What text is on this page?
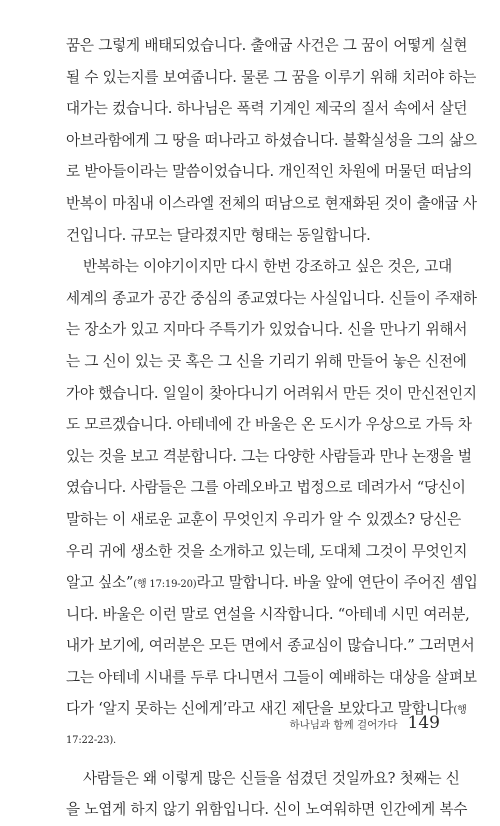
꿈은 그렇게 배태되었습니다. 출애굽 사건은 그 꿈이 어떻게 실현
될 수 있는지를 보여줍니다. 물론 그 꿈을 이루기 위해 치러야 하는
대가는 컸습니다. 하나님은 폭력 기계인 제국의 질서 속에서 살던
아브라함에게 그 땅을 떠나라고 하셨습니다. 불확실성을 그의 삶으
로 받아들이라는 말씀이었습니다. 개인적인 차원에 머물던 떠남의
반복이 마침내 이스라엘 전체의 떠남으로 현재화된 것이 출애굽 사
건입니다. 규모는 달라졌지만 형태는 동일합니다.
반복하는 이야기이지만 다시 한번 강조하고 싶은 것은, 고대
세계의 종교가 공간 중심의 종교였다는 사실입니다. 신들이 주재하
는 장소가 있고 지마다 주특기가 있었습니다. 신을 만나기 위해서
는 그 신이 있는 곳 혹은 그 신을 기리기 위해 만들어 놓은 신전에
가야 했습니다. 일일이 찾아다니기 어려워서 만든 것이 만신전인지
도 모르겠습니다. 아테네에 간 바울은 온 도시가 우상으로 가득 차
있는 것을 보고 격분합니다. 그는 다양한 사람들과 만나 논쟁을 벌
였습니다. 사람들은 그를 아레오바고 법정으로 데려가서 “당신이
말하는 이 새로운 교훈이 무엇인지 우리가 알 수 있겠소? 당신은
우리 귀에 생소한 것을 소개하고 있는데, 도대체 그것이 무엇인지
알고 싶소”(행 17:19-20)라고 말합니다. 바울 앞에 연단이 주어진 셈입
니다. 바울은 이런 말로 연설을 시작합니다. “아테네 시민 여러분,
내가 보기에, 여러분은 모든 면에서 종교심이 많습니다.” 그러면서
그는 아테네 시내를 두루 다니면서 그들이 예배하는 대상을 살펴보
다가 ‘알지 못하는 신에게’라고 새긴 제단을 보았다고 말합니다(행
17:22-23).
사람들은 왜 이렇게 많은 신들을 섬겼던 것일까요? 첫째는 신
을 노엽게 하지 않기 위함입니다. 신이 노여워하면 인간에게 복수
하나님과 함께 걸어가다 149
